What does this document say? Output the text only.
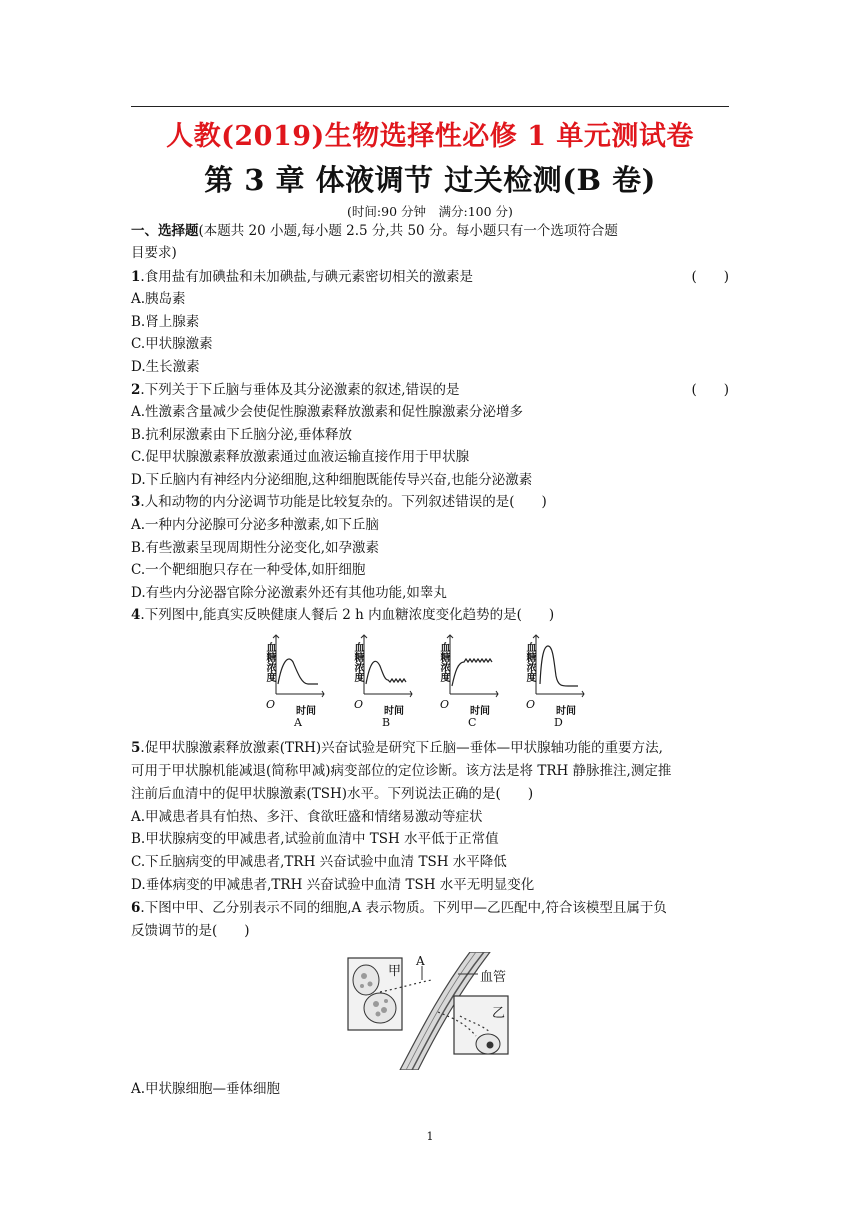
人教(2019)生物选择性必修 1 单元测试卷
第 3 章 体液调节 过关检测(B 卷)
(时间:90 分钟　满分:100 分)
一、选择题(本题共 20 小题,每小题 2.5 分,共 50 分。每小题只有一个选项符合题
目要求)
1.食用盐有加碘盐和未加碘盐,与碘元素密切相关的激素是	(　　)
A.胰岛素
B.肾上腺素
C.甲状腺激素
D.生长激素
2.下列关于下丘脑与垂体及其分泌激素的叙述,错误的是	(　　)
A.性激素含量减少会使促性腺激素释放激素和促性腺激素分泌增多
B.抗利尿激素由下丘脑分泌,垂体释放
C.促甲状腺激素释放激素通过血液运输直接作用于甲状腺
D.下丘脑内有神经内分泌细胞,这种细胞既能传导兴奋,也能分泌激素
3.人和动物的内分泌调节功能是比较复杂的。下列叙述错误的是(　　)
A.一种内分泌腺可分泌多种激素,如下丘脑
B.有些激素呈现周期性分泌变化,如孕激素
C.一个靶细胞只存在一种受体,如肝细胞
D.有些内分泌器官除分泌激素外还有其他功能,如睾丸
4.下列图中,能真实反映健康人餐后 2 h 内血糖浓度变化趋势的是(　　)
血糖浓度
O
时间
A
血糖浓度
O
时间
B
血糖浓度
O
时间
C
血糖浓度
O
时间
D
5.促甲状腺激素释放激素(TRH)兴奋试验是研究下丘脑—垂体—甲状腺轴功能的重要方法,
可用于甲状腺机能减退(简称甲减)病变部位的定位诊断。该方法是将 TRH 静脉推注,测定推
注前后血清中的促甲状腺激素(TSH)水平。下列说法正确的是(　　)
A.甲减患者具有怕热、多汗、食欲旺盛和情绪易激动等症状
B.甲状腺病变的甲减患者,试验前血清中 TSH 水平低于正常值
C.下丘脑病变的甲减患者,TRH 兴奋试验中血清 TSH 水平降低
D.垂体病变的甲减患者,TRH 兴奋试验中血清 TSH 水平无明显变化
6.下图中甲、乙分别表示不同的细胞,A 表示物质。下列甲—乙匹配中,符合该模型且属于负
反馈调节的是(　　)
甲
A
血管
乙
A.甲状腺细胞—垂体细胞
1
